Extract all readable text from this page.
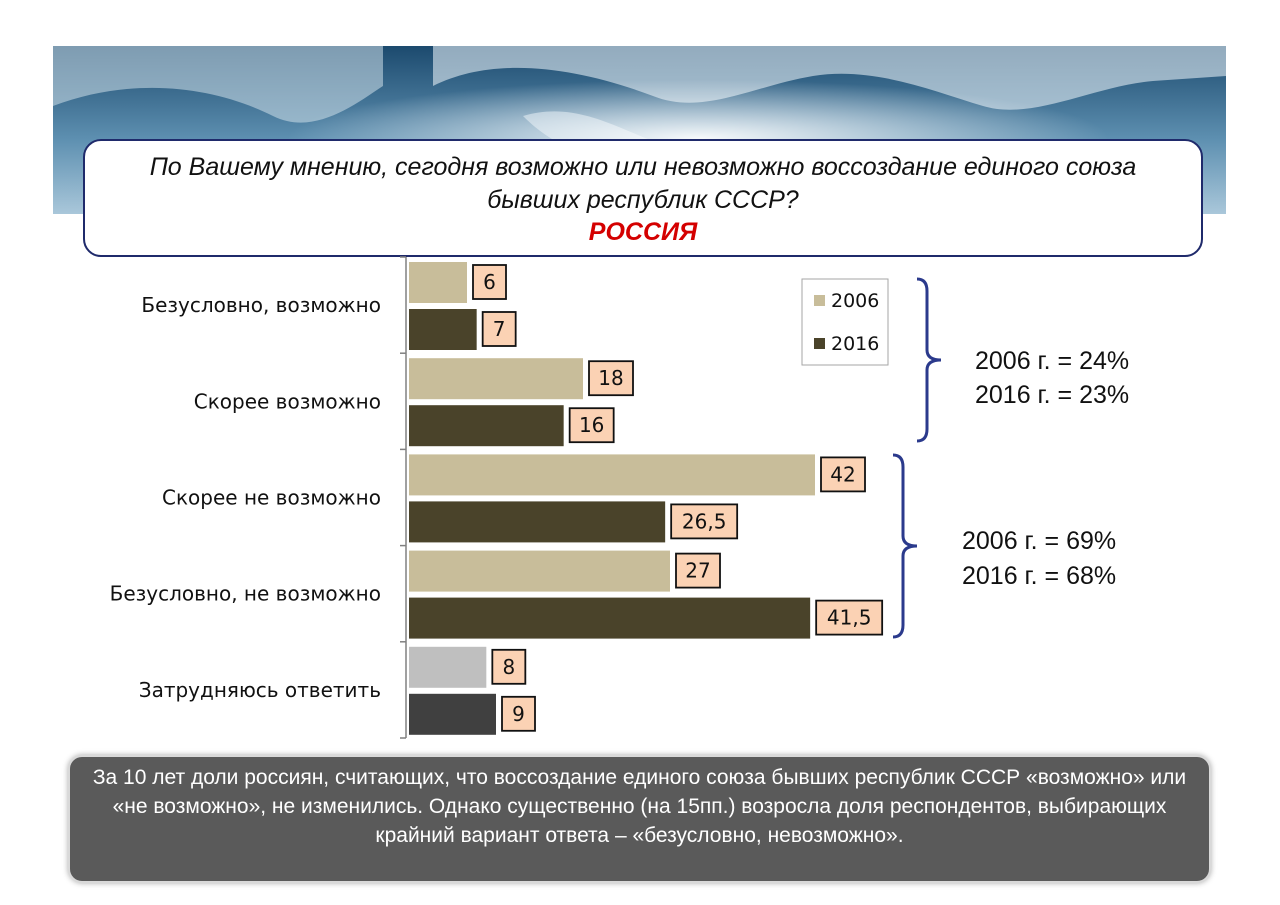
По Вашему мнению, сегодня возможно или невозможно воссоздание единого союза бывших республик СССР?
РОССИЯ
Безусловно, возможно
6
7
Скорее возможно
18
16
Скорее не возможно
42
26,5
Безусловно, не возможно
27
41,5
Затрудняюсь ответить
8
9
2006
2016
2006 г. = 24%
2016 г. = 23%
2006 г. = 69%
2016 г. = 68%
За 10 лет доли россиян, считающих, что воссоздание единого союза бывших республик СССР «возможно» или «не возможно», не изменились. Однако существенно (на 15пп.) возросла доля респондентов, выбирающих крайний вариант ответа – «безусловно, невозможно».
